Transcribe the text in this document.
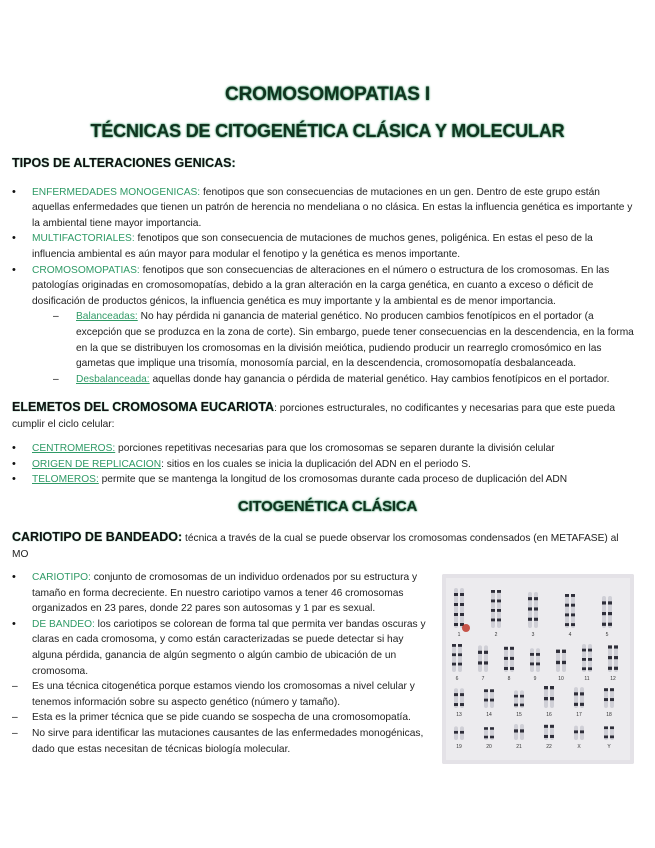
CROMOSOMOPATIAS I
TÉCNICAS DE CITOGENÉTICA CLÁSICA Y MOLECULAR
TIPOS DE ALTERACIONES GENICAS:
• ENFERMEDADES MONOGENICAS: fenotipos que son consecuencias de mutaciones en un gen. Dentro de este grupo están aquellas enfermedades que tienen un patrón de herencia no mendeliana o no clásica. En estas la influencia genética es importante y la ambiental tiene mayor importancia.
• MULTIFACTORIALES: fenotipos que son consecuencia de mutaciones de muchos genes, poligénica. En estas el peso de la influencia ambiental es aún mayor para modular el fenotipo y la genética es menos importante.
• CROMOSOMOPATIAS: fenotipos que son consecuencias de alteraciones en el número o estructura de los cromosomas. En las patologías originadas en cromosomopatías, debido a la gran alteración en la carga genética, en cuanto a exceso o déficit de dosificación de productos génicos, la influencia genética es muy importante y la ambiental es de menor importancia.
– Balanceadas: No hay pérdida ni ganancia de material genético. No producen cambios fenotípicos en el portador (a excepción que se produzca en la zona de corte). Sin embargo, puede tener consecuencias en la descendencia, en la forma en la que se distribuyen los cromosomas en la división meiótica, pudiendo producir un rearreglo cromosómico en las gametas que implique una trisomía, monosomía parcial, en la descendencia, cromosomopatía desbalanceada.
– Desbalanceada: aquellas donde hay ganancia o pérdida de material genético. Hay cambios fenotípicos en el portador.
ELEMETOS DEL CROMOSOMA EUCARIOTA: porciones estructurales, no codificantes y necesarias para que este pueda cumplir el ciclo celular:
• CENTROMEROS: porciones repetitivas necesarias para que los cromosomas se separen durante la división celular
• ORIGEN DE REPLICACION: sitios en los cuales se inicia la duplicación del ADN en el periodo S.
• TELOMEROS: permite que se mantenga la longitud de los cromosomas durante cada proceso de duplicación del ADN
CITOGENÉTICA CLÁSICA
CARIOTIPO DE BANDEADO: técnica a través de la cual se puede observar los cromosomas condensados (en METAFASE) al MO
• CARIOTIPO: conjunto de cromosomas de un individuo ordenados por su estructura y tamaño en forma decreciente. En nuestro cariotipo vamos a tener 46 cromosomas organizados en 23 pares, donde 22 pares son autosomas y 1 par es sexual.
• DE BANDEO: los cariotipos se colorean de forma tal que permita ver bandas oscuras y claras en cada cromosoma, y como están caracterizadas se puede detectar si hay alguna pérdida, ganancia de algún segmento o algún cambio de ubicación de un cromosoma.
– Es una técnica citogenética porque estamos viendo los cromosomas a nivel celular y tenemos información sobre su aspecto genético (número y tamaño).
– Esta es la primer técnica que se pide cuando se sospecha de una cromosomopatía.
– No sirve para identificar las mutaciones causantes de las enfermedades monogénicas, dado que estas necesitan de técnicas biología molecular.
1	2	3	4	5
6	7	8	9	10	11	12
13	14	15	16	17	18
19	20	21	22	X	Y
